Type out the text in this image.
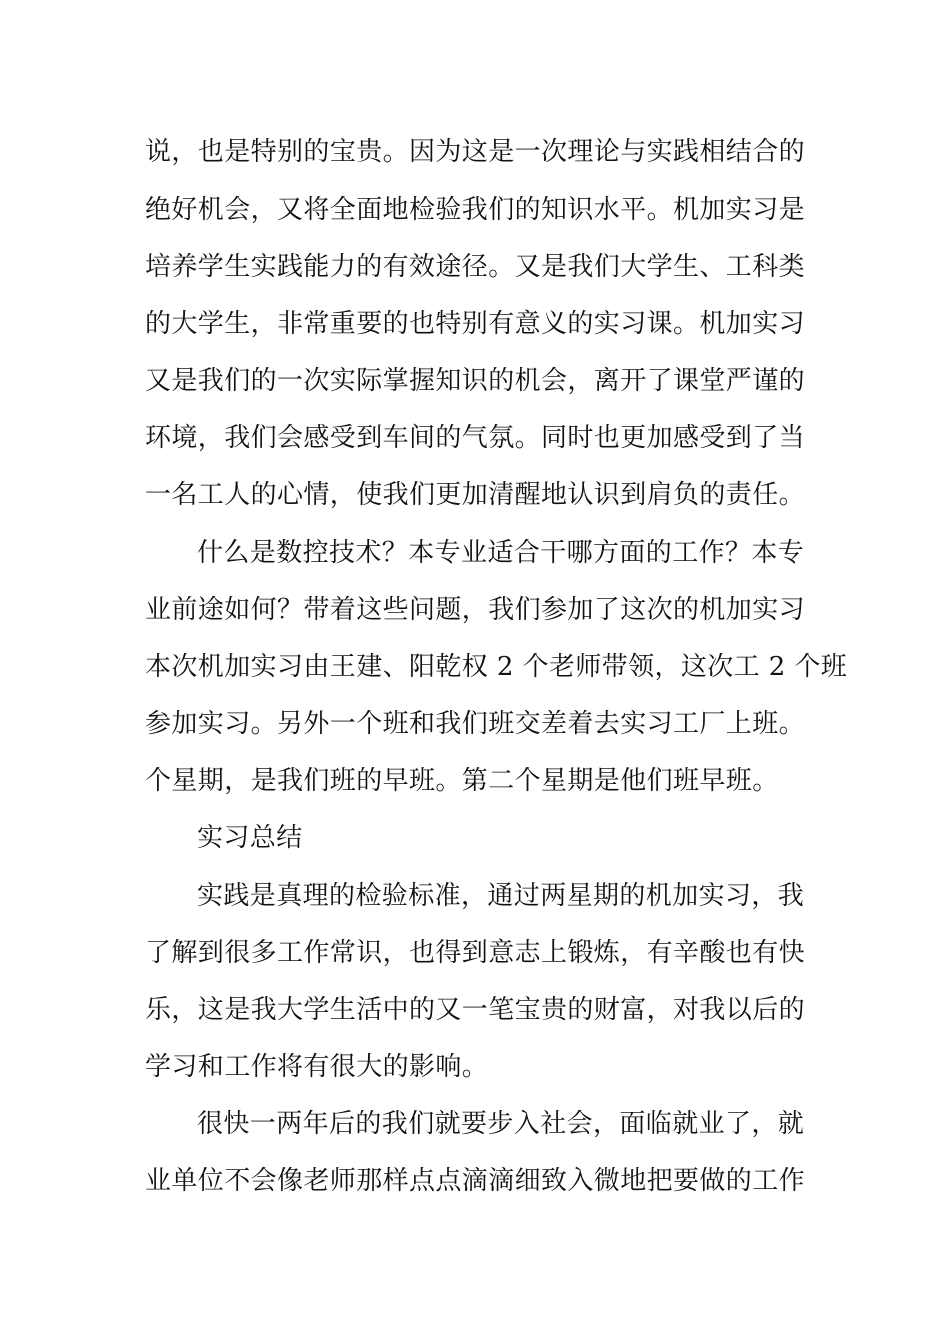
说，也是特别的宝贵。因为这是一次理论与实践相结合的
绝好机会，又将全面地检验我们的知识水平。机加实习是
培养学生实践能力的有效途径。又是我们大学生、工科类
的大学生，非常重要的也特别有意义的实习课。机加实习
又是我们的一次实际掌握知识的机会，离开了课堂严谨的
环境，我们会感受到车间的气氛。同时也更加感受到了当
一名工人的心情，使我们更加清醒地认识到肩负的责任。
什么是数控技术？本专业适合干哪方面的工作？本专
业前途如何？带着这些问题，我们参加了这次的机加实习
本次机加实习由王建、阳乾权 2 个老师带领，这次工 2 个班
参加实习。另外一个班和我们班交差着去实习工厂上班。
个星期，是我们班的早班。第二个星期是他们班早班。
实习总结
实践是真理的检验标准，通过两星期的机加实习，我
了解到很多工作常识，也得到意志上锻炼，有辛酸也有快
乐，这是我大学生活中的又一笔宝贵的财富，对我以后的
学习和工作将有很大的影响。
很快一两年后的我们就要步入社会，面临就业了，就
业单位不会像老师那样点点滴滴细致入微地把要做的工作
